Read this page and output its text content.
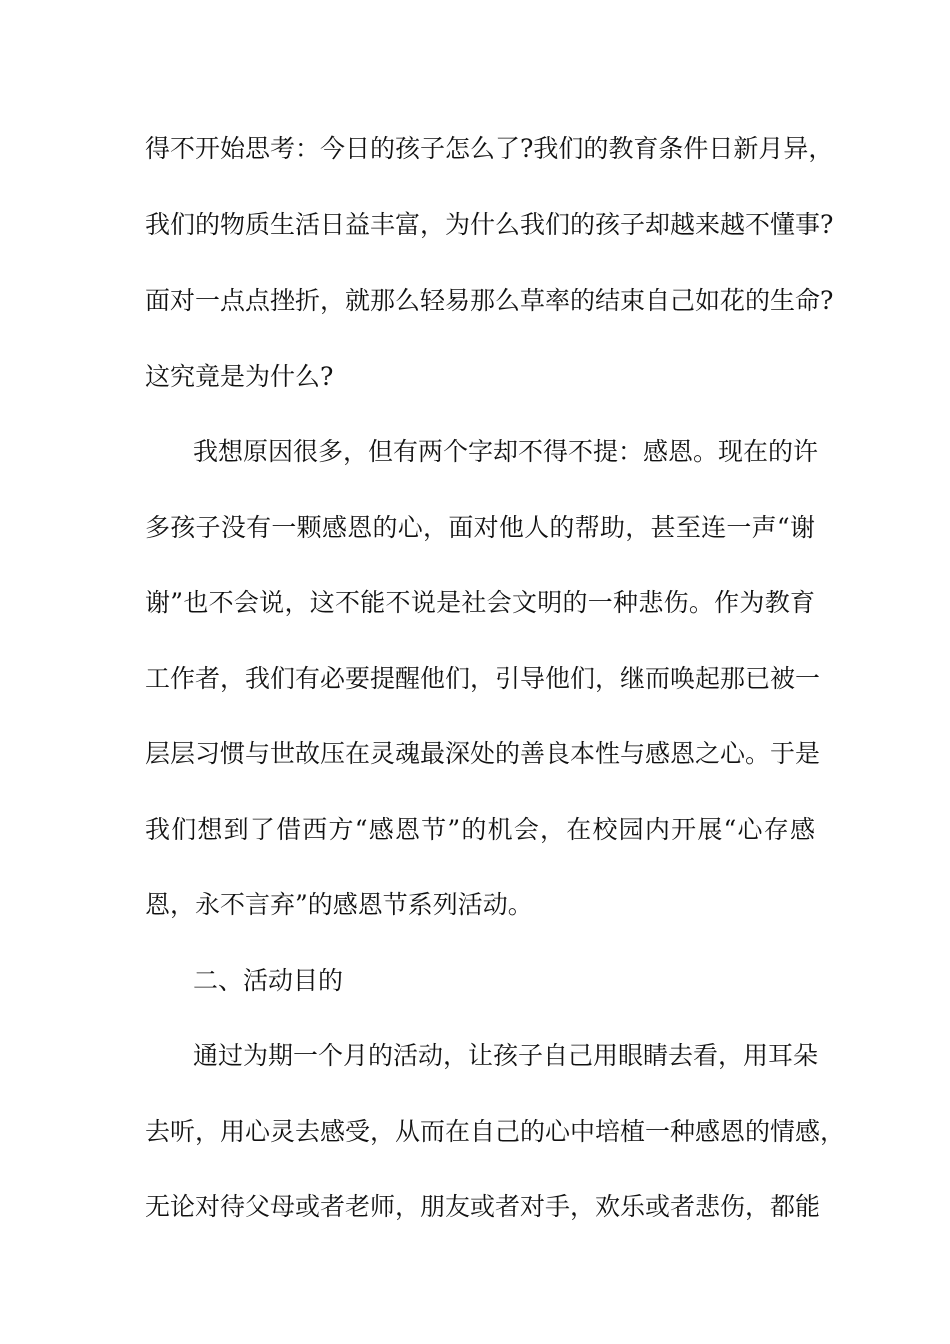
得不开始思考：今日的孩子怎么了?我们的教育条件日新月异，
我们的物质生活日益丰富，为什么我们的孩子却越来越不懂事?
面对一点点挫折，就那么轻易那么草率的结束自己如花的生命?
这究竟是为什么?
我想原因很多，但有两个字却不得不提：感恩。现在的许
多孩子没有一颗感恩的心，面对他人的帮助，甚至连一声“谢
谢”也不会说，这不能不说是社会文明的一种悲伤。作为教育
工作者，我们有必要提醒他们，引导他们，继而唤起那已被一
层层习惯与世故压在灵魂最深处的善良本性与感恩之心。于是
我们想到了借西方“感恩节”的机会，在校园内开展“心存感
恩，永不言弃”的感恩节系列活动。
二、活动目的
通过为期一个月的活动，让孩子自己用眼睛去看，用耳朵
去听，用心灵去感受，从而在自己的心中培植一种感恩的情感，
无论对待父母或者老师，朋友或者对手，欢乐或者悲伤，都能
